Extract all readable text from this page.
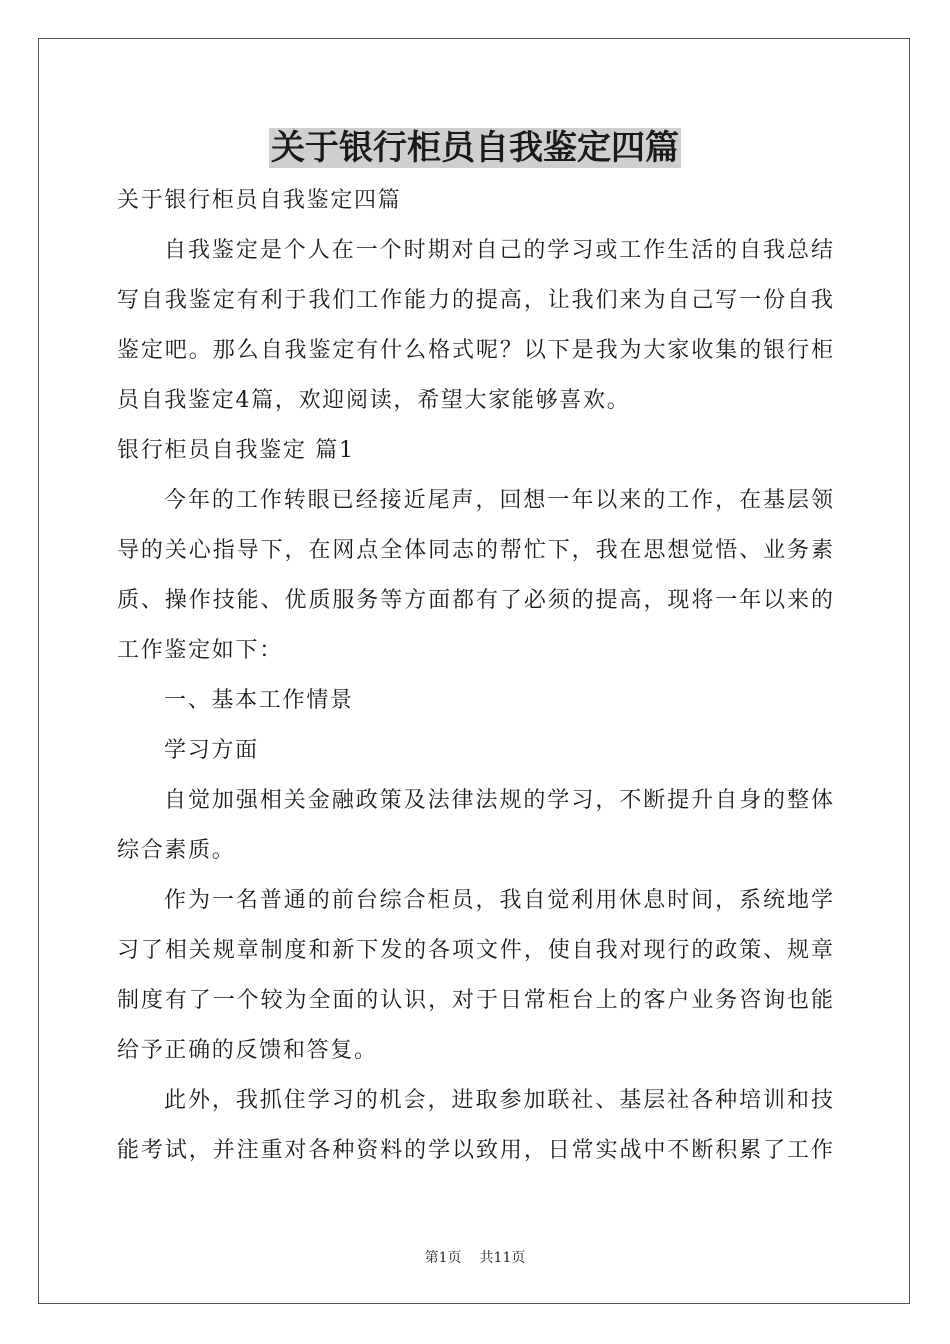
关于银行柜员自我鉴定四篇
关于银行柜员自我鉴定四篇
自我鉴定是个人在一个时期对自己的学习或工作生活的自我总结
写自我鉴定有利于我们工作能力的提高，让我们来为自己写一份自我
鉴定吧。那么自我鉴定有什么格式呢？以下是我为大家收集的银行柜
员自我鉴定4篇，欢迎阅读，希望大家能够喜欢。
银行柜员自我鉴定 篇1
今年的工作转眼已经接近尾声，回想一年以来的工作，在基层领
导的关心指导下，在网点全体同志的帮忙下，我在思想觉悟、业务素
质、操作技能、优质服务等方面都有了必须的提高，现将一年以来的
工作鉴定如下：
一、基本工作情景
学习方面
自觉加强相关金融政策及法律法规的学习，不断提升自身的整体
综合素质。
作为一名普通的前台综合柜员，我自觉利用休息时间，系统地学
习了相关规章制度和新下发的各项文件，使自我对现行的政策、规章
制度有了一个较为全面的认识，对于日常柜台上的客户业务咨询也能
给予正确的反馈和答复。
此外，我抓住学习的机会，进取参加联社、基层社各种培训和技
能考试，并注重对各种资料的学以致用，日常实战中不断积累了工作
第1页 共11页
